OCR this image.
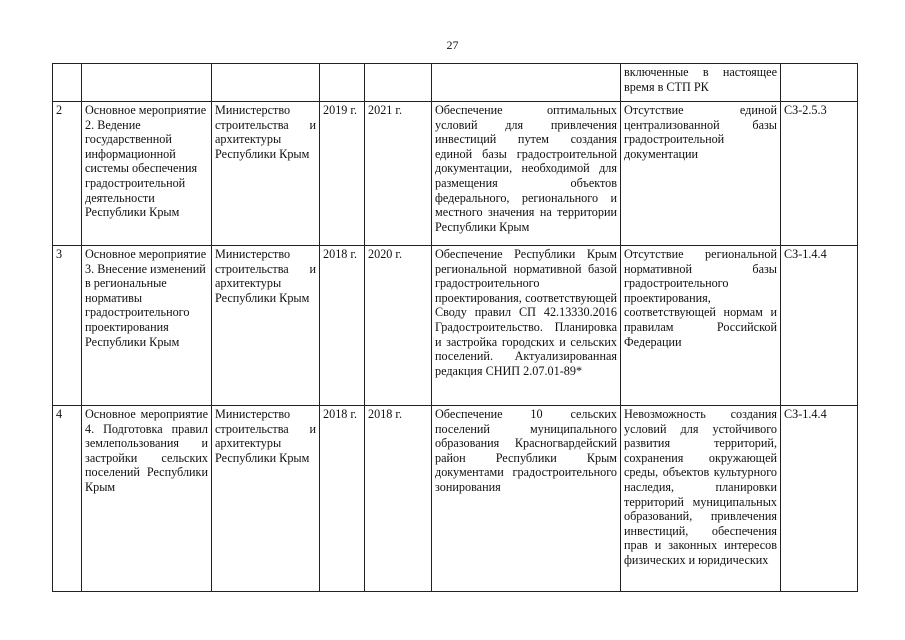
27
						включенные в настоящее время в СТП РК	
2	Основное мероприятие 2. Ведение государственной информационной системы обеспечения градостроительной деятельности Республики Крым	Министерство строительства и архитектуры Республики Крым	2019 г.	2021 г.	Обеспечение оптимальных условий для привлечения инвестиций путем создания единой базы градостроительной документации, необходимой для размещения объектов федерального, регионального и местного значения на территории Республики Крым	Отсутствие единой централизованной базы градостроительной документации	СЗ-2.5.3
3	Основное мероприятие 3. Внесение изменений в региональные нормативы градостроительного проектирования Республики Крым	Министерство строительства и архитектуры Республики Крым	2018 г.	2020 г.	Обеспечение Республики Крым региональной нормативной базой градостроительного проектирования, соответствующей Своду правил СП 42.13330.2016 Градостроительство. Планировка и застройка городских и сельских поселений. Актуализированная редакция СНИП 2.07.01-89*	Отсутствие региональной нормативной базы градостроительного проектирования, соответствующей нормам и правилам Российской Федерации	СЗ-1.4.4
4	Основное мероприятие 4. Подготовка правил землепользования и застройки сельских поселений Республики Крым	Министерство строительства и архитектуры Республики Крым	2018 г.	2018 г.	Обеспечение 10 сельских поселений муниципального образования Красногвардейский район Республики Крым документами градостроительного зонирования	Невозможность создания условий для устойчивого развития территорий, сохранения окружающей среды, объектов культурного наследия, планировки территорий муниципальных образований, привлечения инвестиций, обеспечения прав и законных интересов физических и юридических	СЗ-1.4.4
